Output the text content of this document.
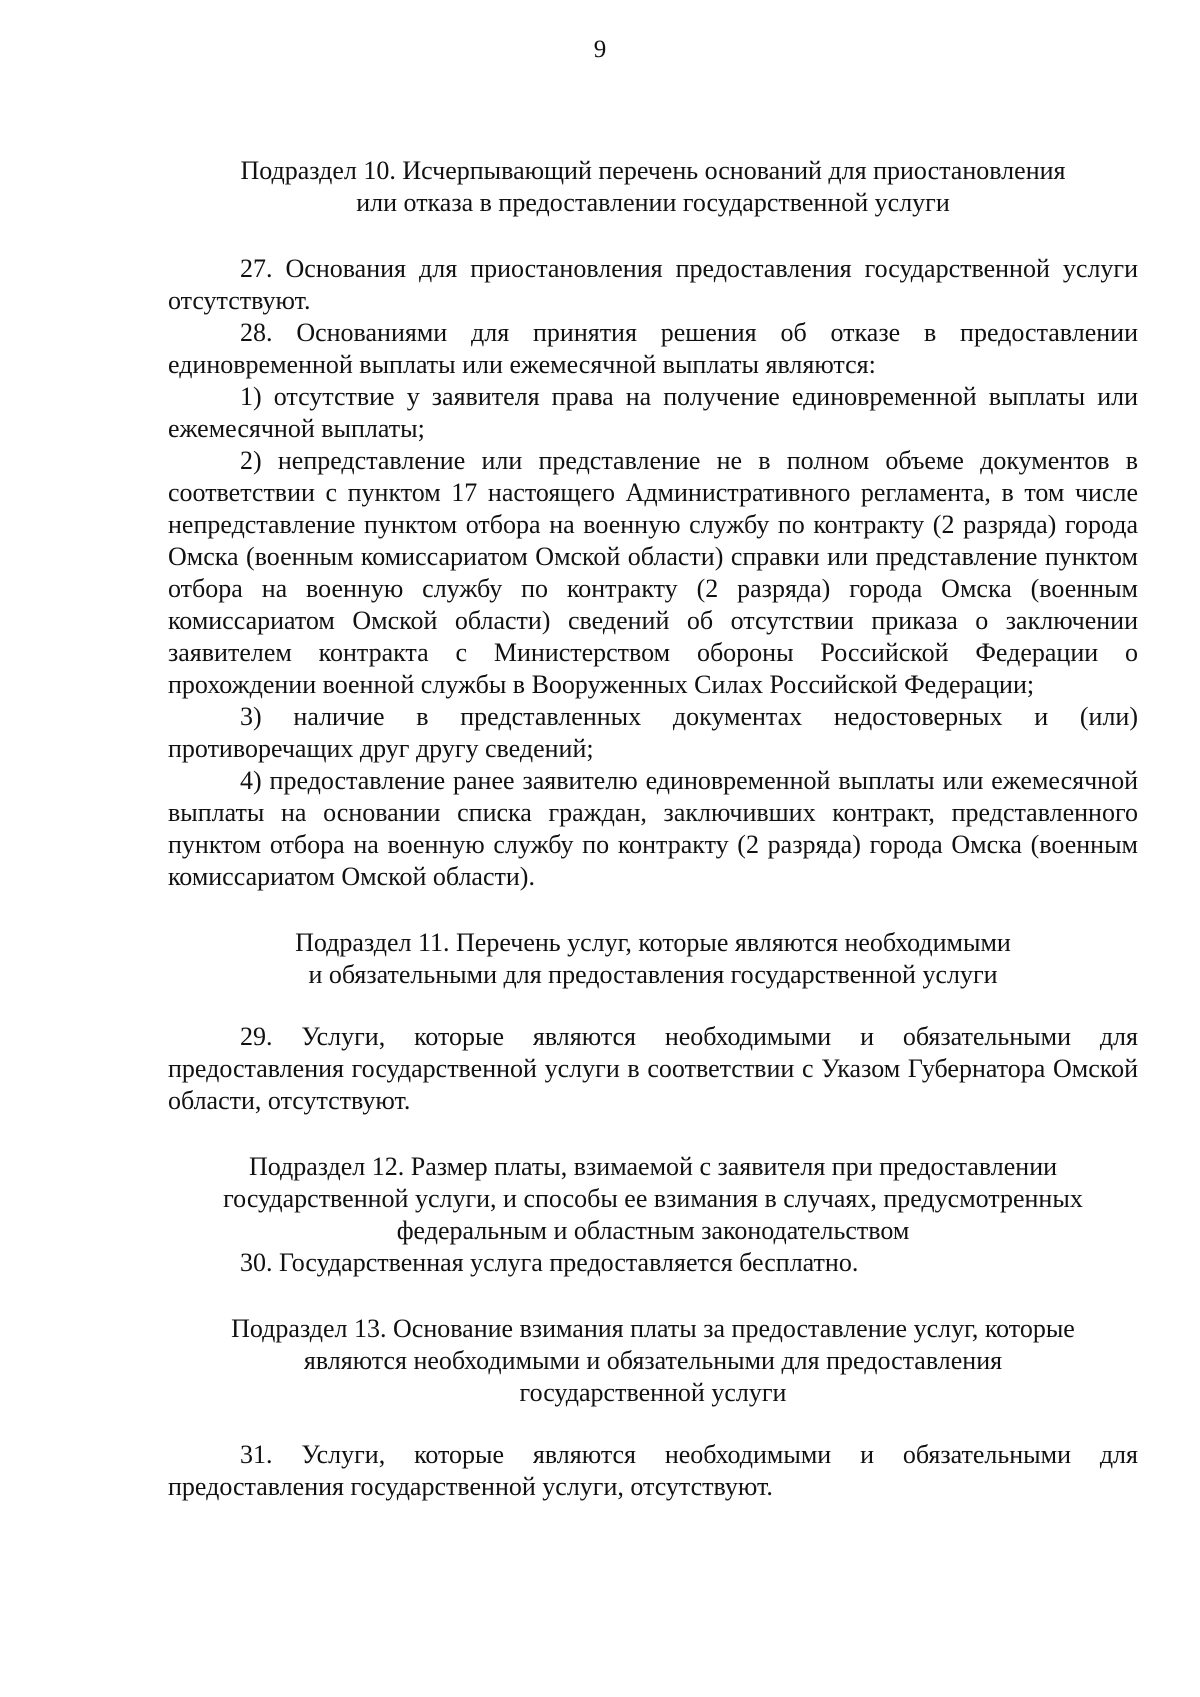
9
Подраздел 10. Исчерпывающий перечень оснований для приостановления
или отказа в предоставлении государственной услуги

27. Основания для приостановления предоставления государственной услуги отсутствуют.

28. Основаниями для принятия решения об отказе в предоставлении единовременной выплаты или ежемесячной выплаты являются:

1) отсутствие у заявителя права на получение единовременной выплаты или ежемесячной выплаты;

2) непредставление или представление не в полном объеме документов в соответствии с пунктом 17 настоящего Административного регламента, в том числе непредставление пунктом отбора на военную службу по контракту (2 разряда) города Омска (военным комиссариатом Омской области) справки или представление пунктом отбора на военную службу по контракту (2 разряда) города Омска (военным комиссариатом Омской области) сведений об отсутствии приказа о заключении заявителем контракта с Министерством обороны Российской Федерации о прохождении военной службы в Вооруженных Силах Российской Федерации;

3) наличие в представленных документах недостоверных и (или) противоречащих друг другу сведений;

4) предоставление ранее заявителю единовременной выплаты или ежемесячной выплаты на основании списка граждан, заключивших контракт, представленного пунктом отбора на военную службу по контракту (2 разряда) города Омска (военным комиссариатом Омской области).

Подраздел 11. Перечень услуг, которые являются необходимыми
и обязательными для предоставления государственной услуги

29. Услуги, которые являются необходимыми и обязательными для предоставления государственной услуги в соответствии с Указом Губернатора Омской области, отсутствуют.

Подраздел 12. Размер платы, взимаемой с заявителя при предоставлении
государственной услуги, и способы ее взимания в случаях, предусмотренных
федеральным и областным законодательством

30. Государственная услуга предоставляется бесплатно.

Подраздел 13. Основание взимания платы за предоставление услуг, которые
являются необходимыми и обязательными для предоставления
государственной услуги

31. Услуги, которые являются необходимыми и обязательными для предоставления государственной услуги, отсутствуют.
